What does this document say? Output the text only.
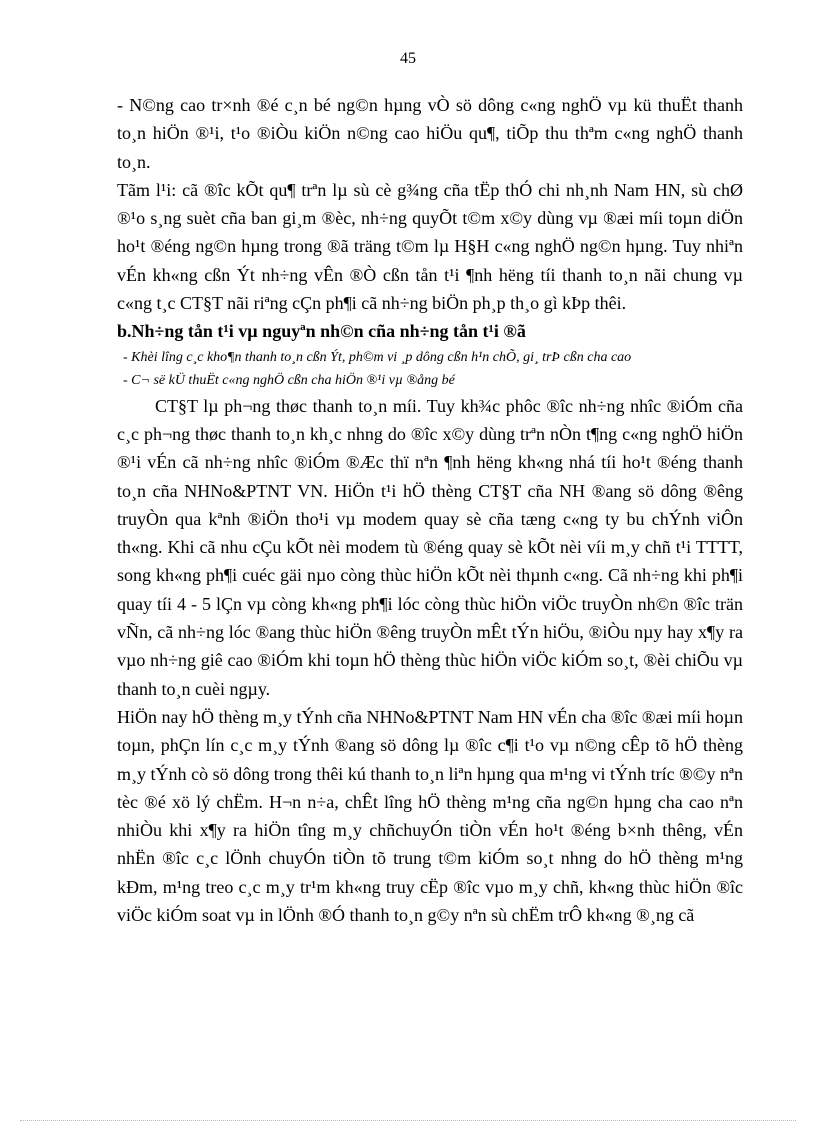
45

- N©ng cao tr×nh ®é c¸n bé ng©n hµng vÒ sö dông c«ng nghÖ vµ kü thuËt thanh to¸n hiÖn ®¹i, t¹o ®iÒu kiÖn n©ng cao hiÖu qu¶, tiÕp thu thªm c«ng nghÖ thanh to¸n.

Tãm l¹i: cã ®îc kÕt qu¶ trªn lµ sù cè g¾ng cña tËp thÓ chi nh¸nh Nam HN, sù chØ ®¹o s¸ng suèt cña ban gi¸m ®èc, nh÷ng quyÕt t©m x©y dùng vµ ®æi míi toµn diÖn ho¹t ®éng ng©n hµng trong ®ã träng t©m lµ H§H c«ng nghÖ ng©n hµng. Tuy nhiªn vÉn kh«ng cßn Ýt nh÷ng vÊn ®Ò cßn tån t¹i ¶nh hëng tíi thanh to¸n nãi chung vµ c«ng t¸c CT§T nãi riªng cÇn ph¶i cã nh÷ng biÖn ph¸p th¸o gì kÞp thêi.

b.Nh÷ng tån t¹i vµ nguyªn nh©n cña nh÷ng tån t¹i ®ã

- Khèi lîng c¸c kho¶n thanh to¸n cßn Ýt, ph©m vi ¸p dông cßn h¹n chÕ, gi¸ trÞ cßn cha cao

- C¬ së kÜ thuËt c«ng nghÖ cßn cha hiÖn ®¹i vµ ®ång bé

CT§T lµ ph¬ng thøc thanh to¸n míi. Tuy kh¾c phôc ®îc nh÷ng nhîc ®iÓm cña c¸c ph¬ng thøc thanh to¸n kh¸c nhng do ®îc x©y dùng trªn nÒn t¶ng c«ng nghÖ hiÖn ®¹i vÉn cã nh÷ng nhîc ®iÓm ®Æc thï nªn ¶nh hëng kh«ng nhá tíi ho¹t ®éng thanh to¸n cña NHNo&PTNT VN. HiÖn t¹i hÖ thèng CT§T cña NH ®ang sö dông ®êng truyÒn qua kªnh ®iÖn tho¹i vµ modem quay sè cña tæng c«ng ty bu chÝnh viÔn th«ng. Khi cã nhu cÇu kÕt nèi modem tù ®éng quay sè kÕt nèi víi m¸y chñ t¹i TTTT, song kh«ng ph¶i cuéc gäi nµo còng thùc hiÖn kÕt nèi thµnh c«ng. Cã nh÷ng khi ph¶i quay tíi 4 - 5 lÇn vµ còng kh«ng ph¶i lóc còng thùc hiÖn viÖc truyÒn nh©n ®îc trän vÑn, cã nh÷ng lóc ®ang thùc hiÖn ®êng truyÒn mÊt tÝn hiÖu, ®iÒu nµy hay x¶y ra vµo nh÷ng giê cao ®iÓm khi toµn hÖ thèng thùc hiÖn viÖc kiÓm so¸t, ®èi chiÕu vµ thanh to¸n cuèi ngµy.

HiÖn nay hÖ thèng m¸y tÝnh cña NHNo&PTNT Nam HN vÉn cha ®îc ®æi míi hoµn toµn, phÇn lín c¸c m¸y tÝnh ®ang sö dông lµ ®îc c¶i t¹o vµ n©ng cÊp tõ hÖ thèng m¸y tÝnh cò sö dông trong thêi kú thanh to¸n liªn hµng qua m¹ng vi tÝnh tríc ®©y nªn tèc ®é xö lý chËm. H¬n n÷a, chÊt lîng hÖ thèng m¹ng cña ng©n hµng cha cao nªn nhiÒu khi x¶y ra hiÖn tîng m¸y chñchuyÓn tiÒn vÉn ho¹t ®éng b×nh thêng, vÉn nhËn ®îc c¸c lÖnh chuyÓn tiÒn tõ trung t©m kiÓm so¸t nhng do hÖ thèng m¹ng kÐm, m¹ng treo c¸c m¸y tr¹m kh«ng truy cËp ®îc vµo m¸y chñ, kh«ng thùc hiÖn ®îc viÖc kiÓm soat vµ in lÖnh ®Ó thanh to¸n g©y nªn sù chËm trÔ kh«ng ®¸ng cã
